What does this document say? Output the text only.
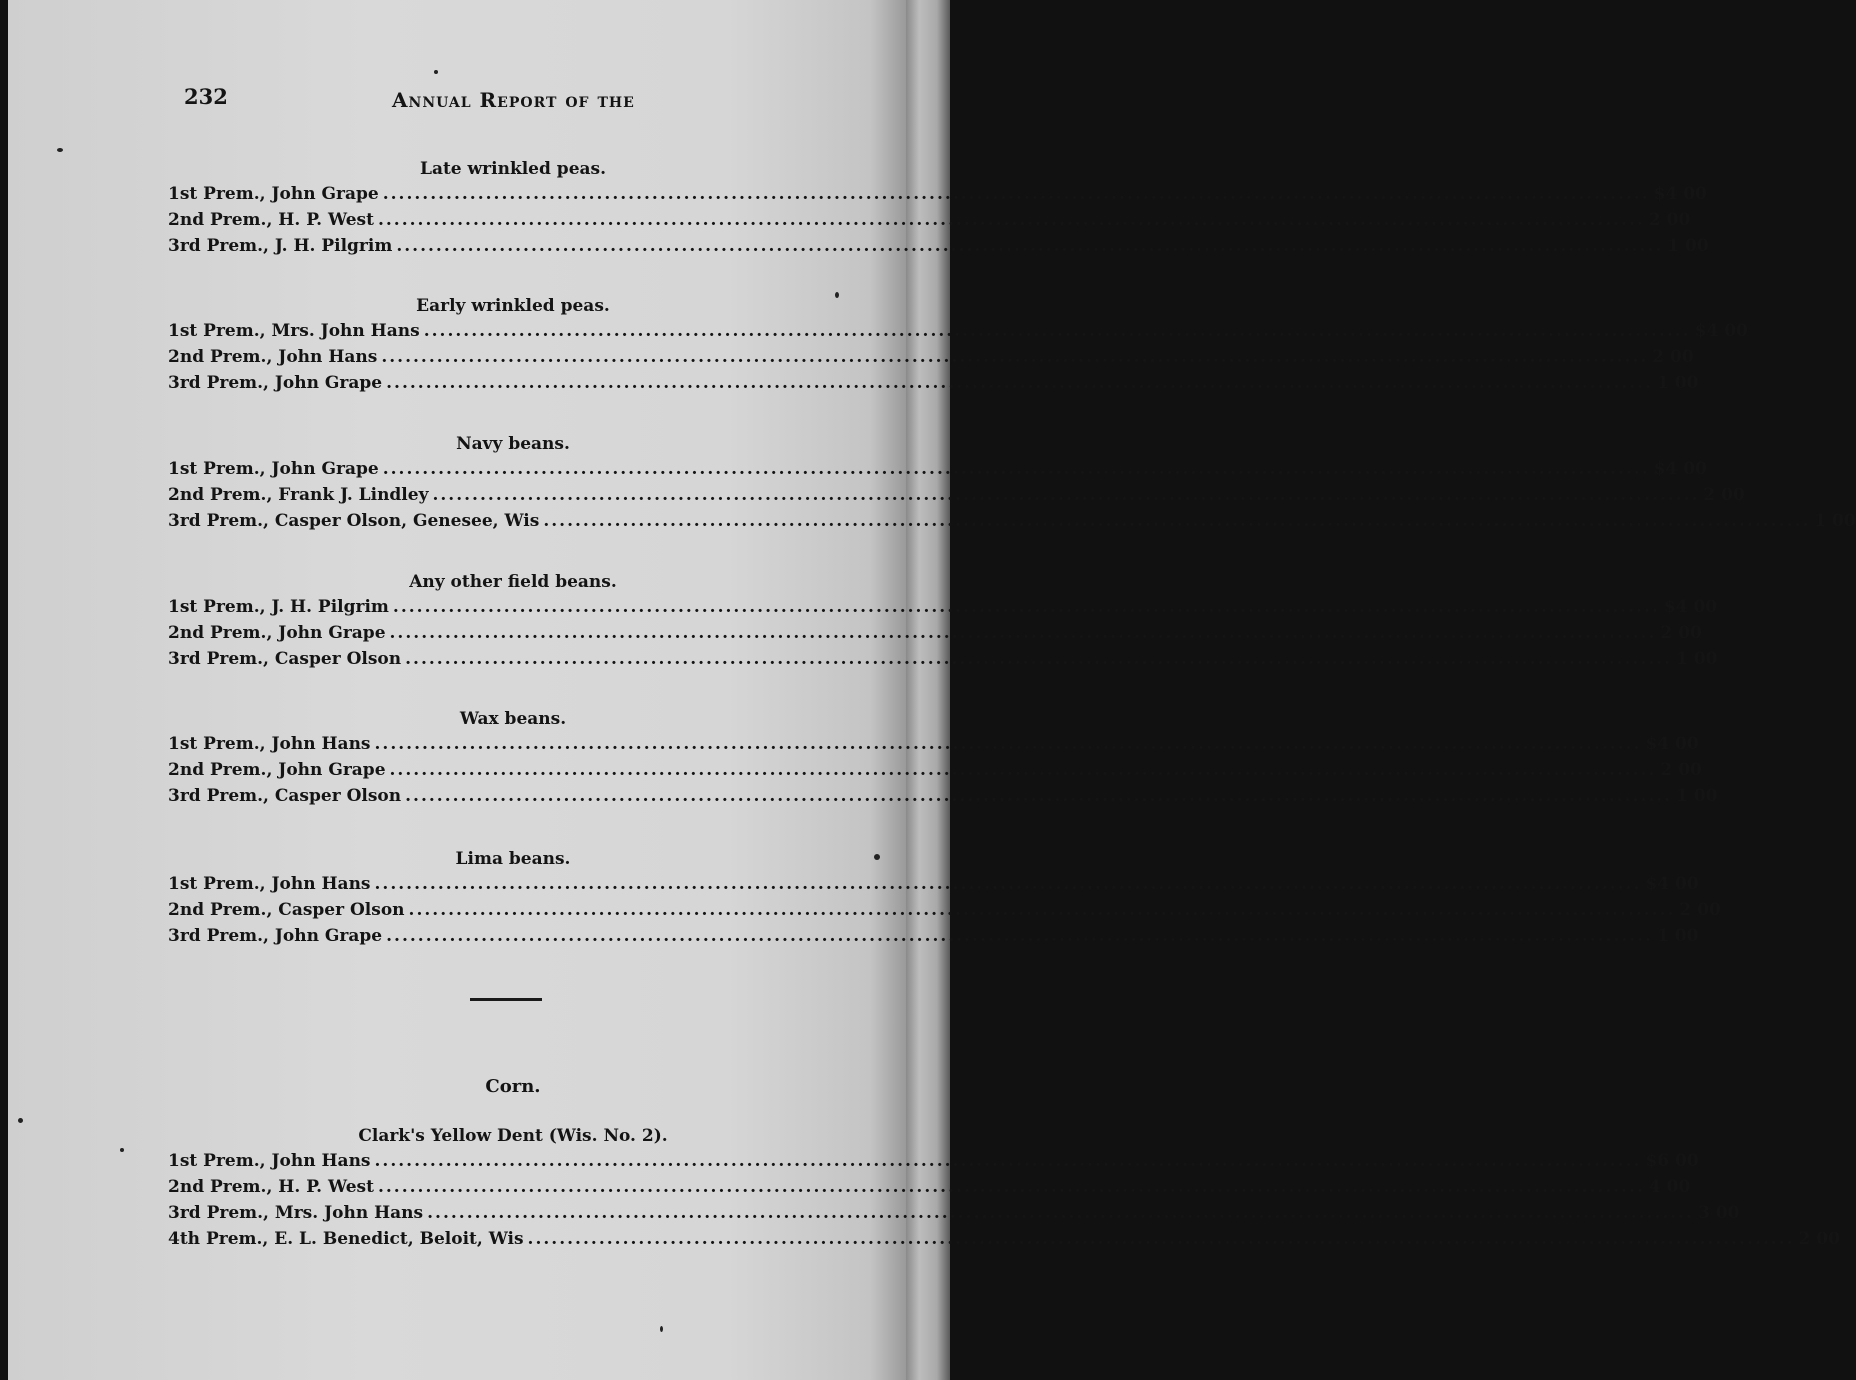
232	Annual Report of the
Late wrinkled peas.
1st Prem., John Grape ................................................................................................................................................................ $4 00
2nd Prem., H. P. West ................................................................................................................................................................ 2 00
3rd Prem., J. H. Pilgrim ................................................................................................................................................................ 1 00
Early wrinkled peas.
1st Prem., Mrs. John Hans ................................................................................................................................................................ $4 00
2nd Prem., John Hans ................................................................................................................................................................ 2 00
3rd Prem., John Grape ................................................................................................................................................................ 1 00
Navy beans.
1st Prem., John Grape ................................................................................................................................................................ $4 00
2nd Prem., Frank J. Lindley ................................................................................................................................................................ 2 00
3rd Prem., Casper Olson, Genesee, Wis ................................................................................................................................................................ 1 00
Any other field beans.
1st Prem., J. H. Pilgrim ................................................................................................................................................................ $4 00
2nd Prem., John Grape ................................................................................................................................................................ 2 00
3rd Prem., Casper Olson ................................................................................................................................................................ 1 00
Wax beans.
1st Prem., John Hans ................................................................................................................................................................ $4 00
2nd Prem., John Grape ................................................................................................................................................................ 2 00
3rd Prem., Casper Olson ................................................................................................................................................................ 1 00
Lima beans.
1st Prem., John Hans ................................................................................................................................................................ $4 00
2nd Prem., Casper Olson ................................................................................................................................................................ 2 00
3rd Prem., John Grape ................................................................................................................................................................ 1 00
Corn.
Clark's Yellow Dent (Wis. No. 2).
1st Prem., John Hans ................................................................................................................................................................ $6 00
2nd Prem., H. P. West ................................................................................................................................................................ 4 00
3rd Prem., Mrs. John Hans ................................................................................................................................................................ 3 00
4th Prem., E. L. Benedict, Beloit, Wis ................................................................................................................................................................ 2 00
